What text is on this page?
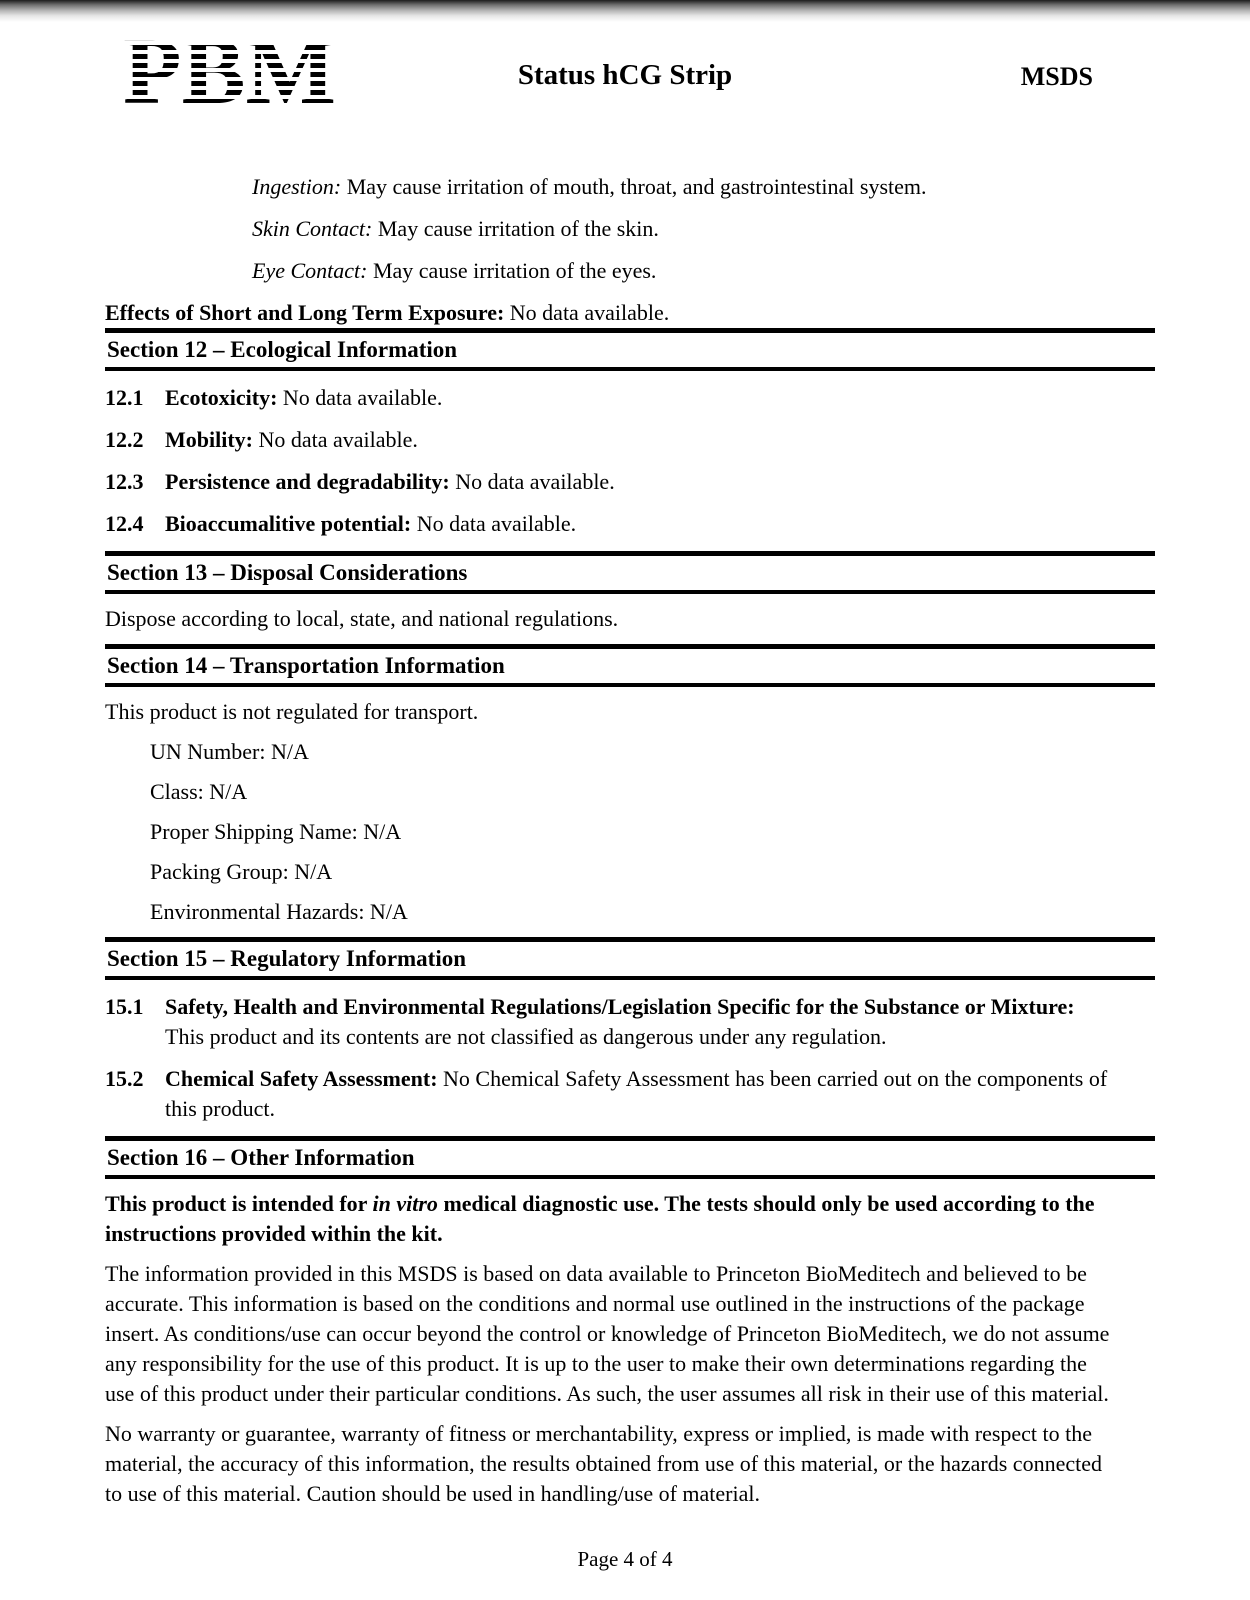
PBM	Status hCG Strip	MSDS
Ingestion: May cause irritation of mouth, throat, and gastrointestinal system.
Skin Contact: May cause irritation of the skin.
Eye Contact: May cause irritation of the eyes.

Effects of Short and Long Term Exposure: No data available.

Section 12 – Ecological Information
12.1 Ecotoxicity: No data available.
12.2 Mobility: No data available.
12.3 Persistence and degradability: No data available.
12.4 Bioaccumalitive potential: No data available.
Section 13 – Disposal Considerations

Dispose according to local, state, and national regulations.

Section 14 – Transportation Information

This product is not regulated for transport.

UN Number: N/A
Class: N/A
Proper Shipping Name: N/A
Packing Group: N/A
Environmental Hazards: N/A
Section 15 – Regulatory Information
15.1 Safety, Health and Environmental Regulations/Legislation Specific for the Substance or Mixture: This product and its contents are not classified as dangerous under any regulation.
15.2 Chemical Safety Assessment: No Chemical Safety Assessment has been carried out on the components of this product.
Section 16 – Other Information

This product is intended for in vitro medical diagnostic use. The tests should only be used according to the instructions provided within the kit.

The information provided in this MSDS is based on data available to Princeton BioMeditech and believed to be accurate. This information is based on the conditions and normal use outlined in the instructions of the package insert. As conditions/use can occur beyond the control or knowledge of Princeton BioMeditech, we do not assume any responsibility for the use of this product. It is up to the user to make their own determinations regarding the use of this product under their particular conditions. As such, the user assumes all risk in their use of this material.

No warranty or guarantee, warranty of fitness or merchantability, express or implied, is made with respect to the material, the accuracy of this information, the results obtained from use of this material, or the hazards connected to use of this material. Caution should be used in handling/use of material.

Page 4 of 4
